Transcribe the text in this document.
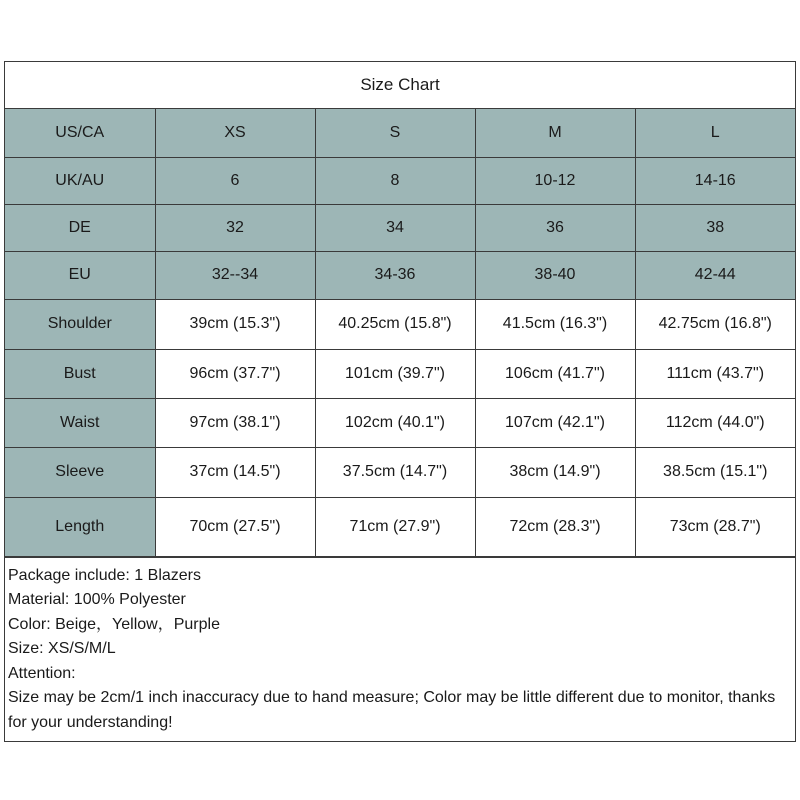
Size Chart
US/CA	XS	S	M	L
UK/AU	6	8	10-12	14-16
DE	32	34	36	38
EU	32--34	34-36	38-40	42-44
Shoulder	39cm (15.3")	40.25cm (15.8")	41.5cm (16.3")	42.75cm (16.8")
Bust	96cm (37.7")	101cm (39.7")	106cm (41.7")	111cm (43.7")
Waist	97cm (38.1")	102cm (40.1")	107cm (42.1")	112cm (44.0")
Sleeve	37cm (14.5")	37.5cm (14.7")	38cm (14.9")	38.5cm (15.1")
Length	70cm (27.5")	71cm (27.9")	72cm (28.3")	73cm (28.7")
Package include: 1 Blazers
Material: 100% Polyester
Color: Beige，Yellow，Purple
Size: XS/S/M/L
Attention:
Size may be 2cm/1 inch inaccuracy due to hand measure; Color may be little different due to monitor, thanks for your understanding!
